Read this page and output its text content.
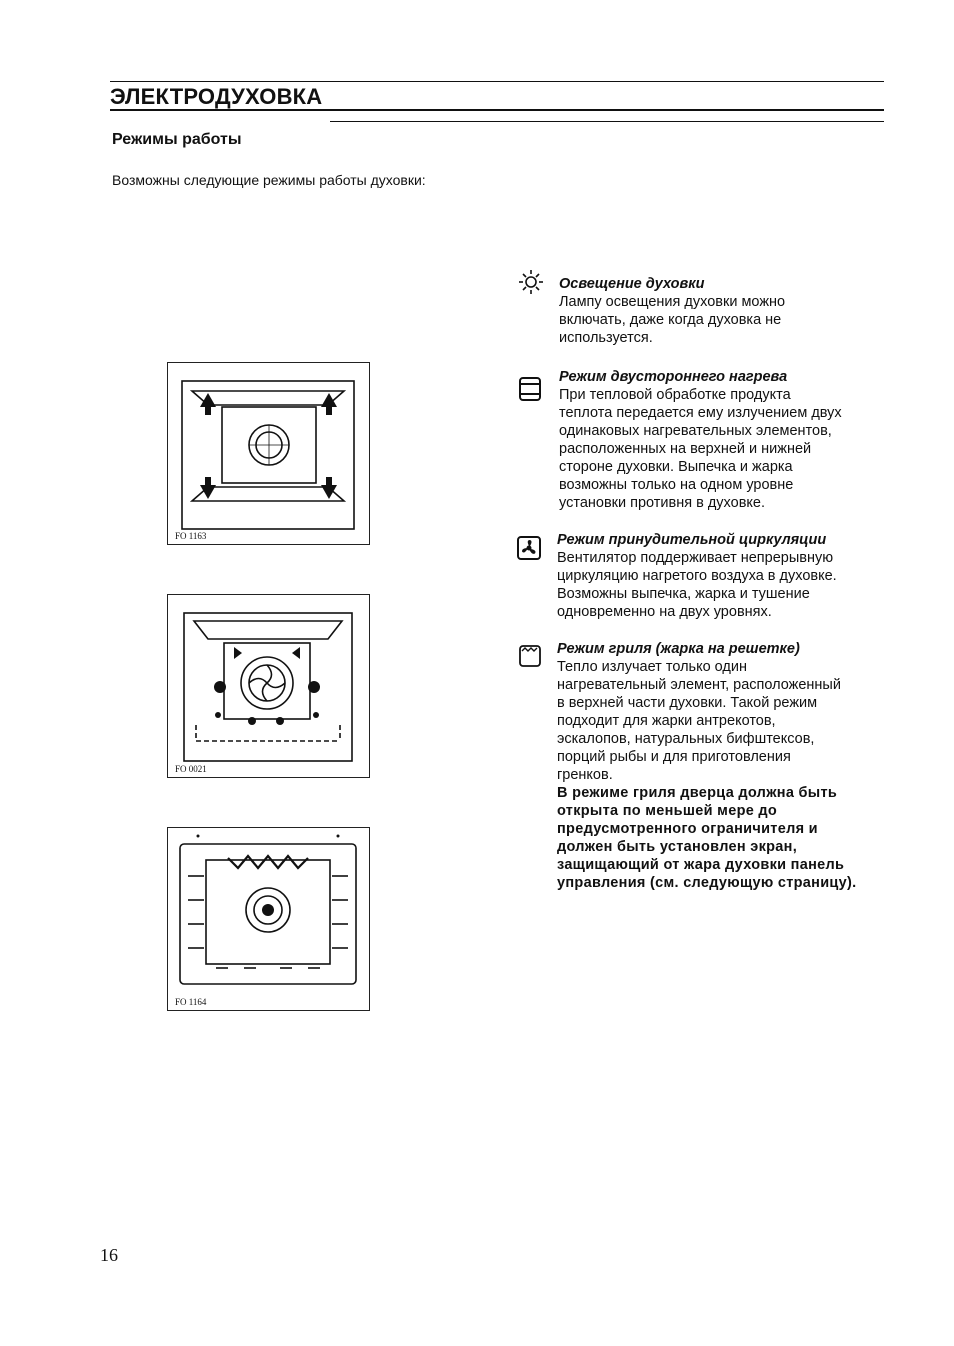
ЭЛЕКТРОДУХОВКА
Режимы работы
Возможны следующие режимы работы духовки:
FO 1163
FO 0021
FO 1164
Освещение духовки

Лампу освещения духовки можно

включать, даже когда духовка не

используется.

Режим двустороннего нагрева

При тепловой обработке продукта

теплота передается ему излучением двух

одинаковых нагревательных элементов,

расположенных на верхней и нижней

стороне духовки. Выпечка и жарка

возможны только на одном уровне

установки противня в духовке.

Режим принудительной циркуляции

Вентилятор поддерживает непрерывную

циркуляцию нагретого воздуха в духовке.

Возможны выпечка, жарка и тушение

одновременно на двух уровнях.

Режим гриля (жарка на решетке)

Тепло излучает только один

нагревательный элемент, расположенный

в верхней части духовки. Такой режим

подходит для жарки антрекотов,

эскалопов, натуральных бифштексов,

порций рыбы и для приготовления

гренков.

В режиме гриля дверца должна быть

открыта по меньшей мере до

предусмотренного ограничителя и

должен быть установлен экран,

защищающий от жара духовки панель

управления (см. следующую страницу).

16
